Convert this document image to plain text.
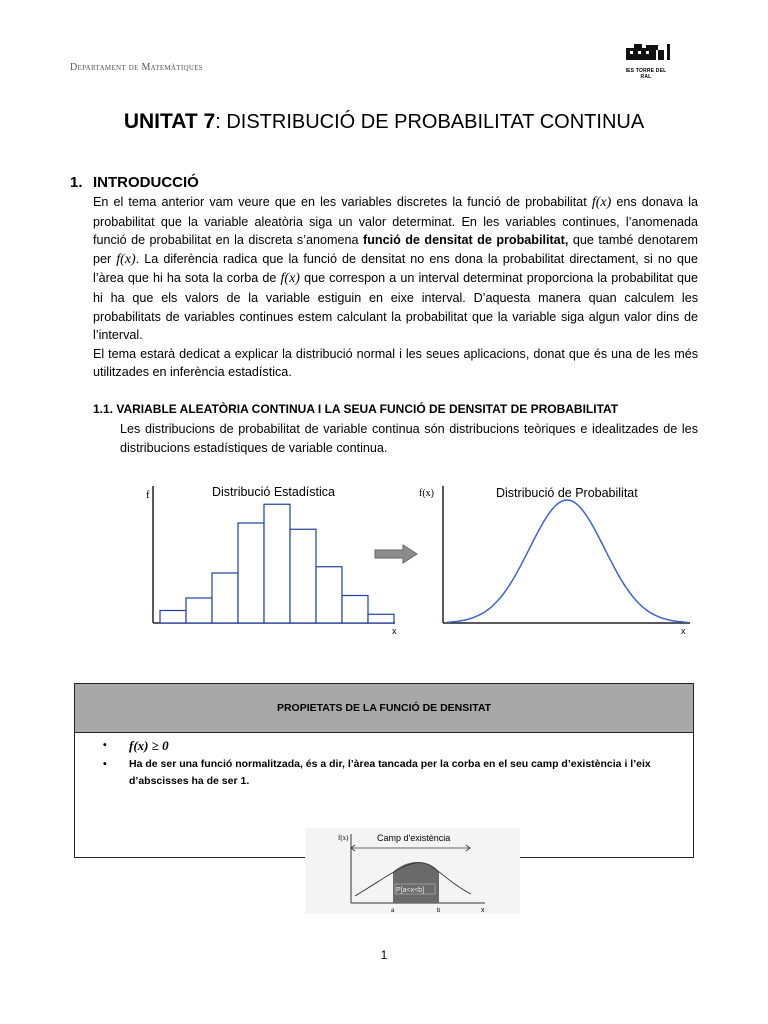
Departament de Matemàtiques	IES TORRE DEL RAL
UNITAT 7: DISTRIBUCIÓ DE PROBABILITAT CONTINUA
1. INTRODUCCIÓ

En el tema anterior vam veure que en les variables discretes la funció de probabilitat f(x) ens donava la probabilitat que la variable aleatòria siga un valor determinat. En les variables continues, l’anomenada funció de probabilitat en la discreta s’anomena funció de densitat de probabilitat, que també denotarem per f(x). La diferència radica que la funció de densitat no ens dona la probabilitat directament, si no que l’àrea que hi ha sota la corba de f(x) que correspon a un interval determinat proporciona la probabilitat que hi ha que els valors de la variable estiguin en eixe interval. D’aquesta manera quan calculem les probabilitats de variables continues estem calculant la probabilitat que la variable siga algun valor dins de l’interval.

El tema estarà dedicat a explicar la distribució normal i les seues aplicacions, donat que és una de les més utilitzades en inferència estadística.

1.1. VARIABLE ALEATÒRIA CONTINUA I LA SEUA FUNCIÓ DE DENSITAT DE PROBABILITAT
Les distribucions de probabilitat de variable continua són distribucions teòriques e idealitzades de les distribucions estadístiques de variable continua.
f
x
Distribució Estadística	f(x)
x
Distribució de Probabilitat
PROPIETATS DE LA FUNCIÓ DE DENSITAT

• f(x) ≥ 0
• Ha de ser una funció normalitzada, és a dir, l’àrea tancada per la corba en el seu camp d’existència i l’eix d’abscisses ha de ser 1.
f(x)
x
Camp d'existència
P[a<x<b]
a	b
1
